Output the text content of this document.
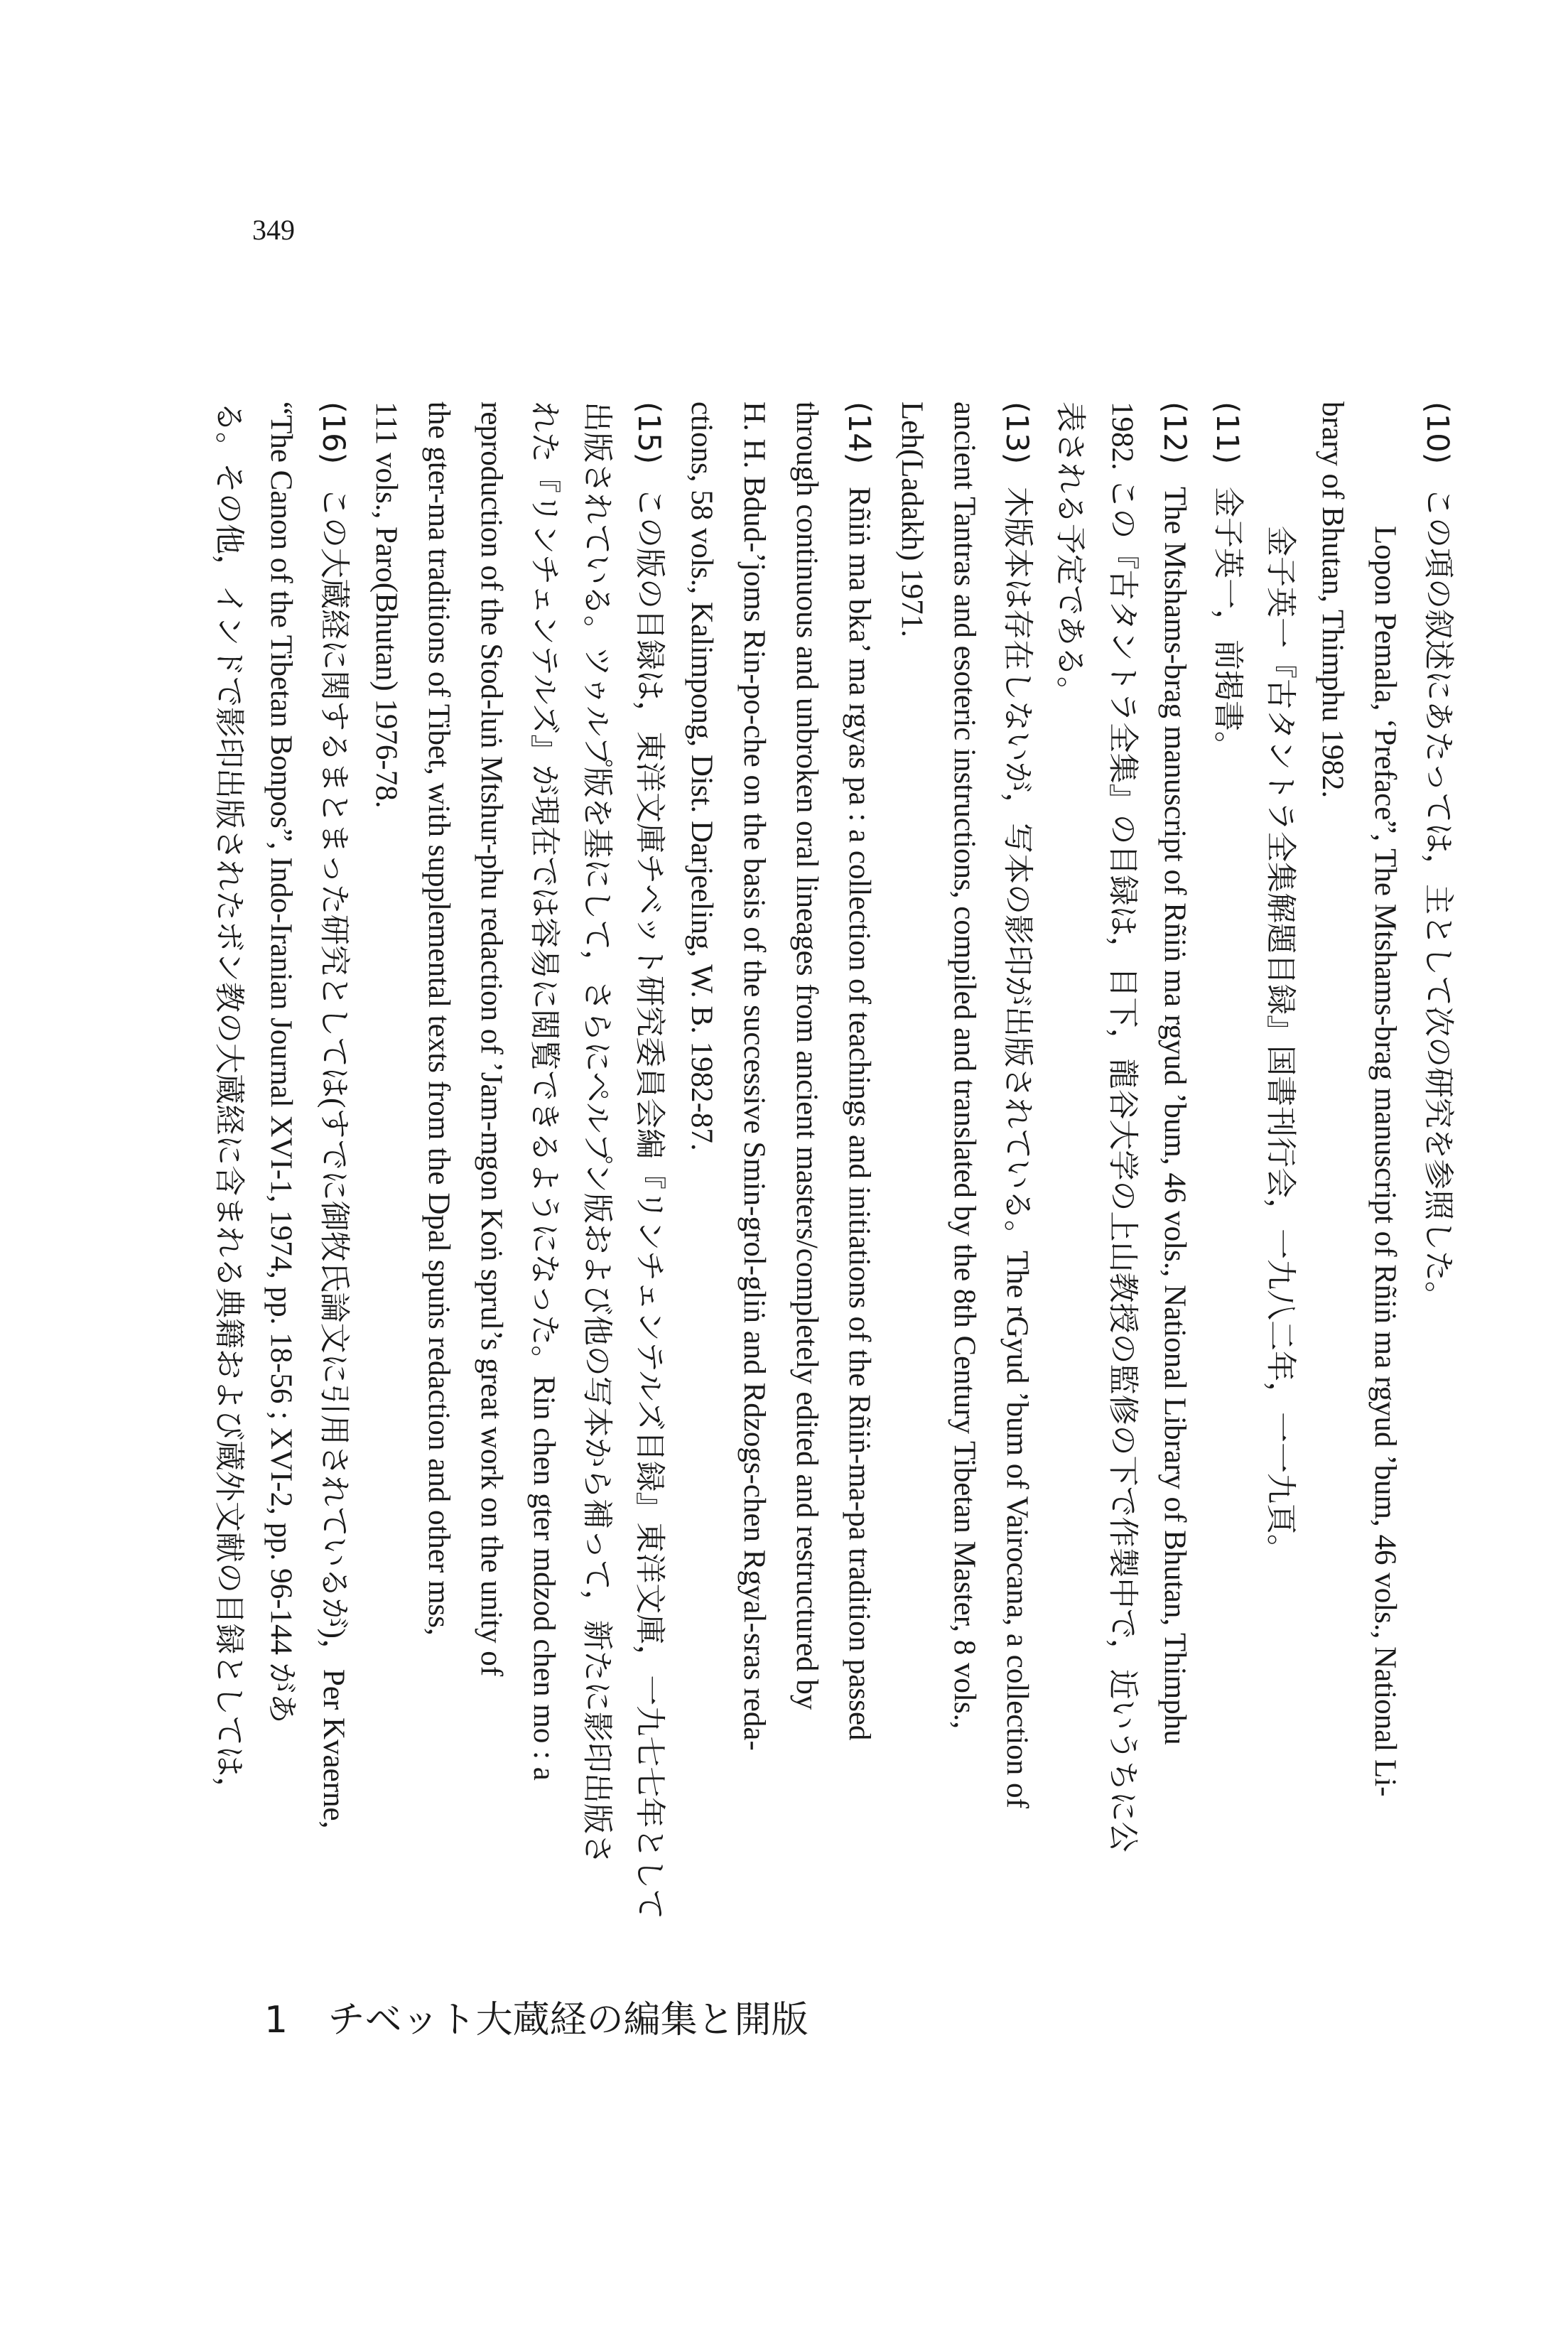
349
(10)
この項の叙述にあたっては，主として次の研究を参照した。
Lopon Pemala, ‘Preface”, The Mtshams-brag manuscript of Rñiṅ ma rgyud ’bum, 46 vols., National Li-
brary of Bhutan, Thimphu 1982.
金子英一『古タントラ全集解題目録』国書刊行会，一九八二年，一一九頁。
(11)
金子英一，前掲書。
(12)
The Mtshams-brag manuscript of Rñiṅ ma rgyud ’bum, 46 vols., National Library of Bhutan, Thimphu
1982. この『古タントラ全集』の目録は，目下，龍谷大学の上山教授の監修の下で作製中で，近いうちに公
表される予定である。
(13)
木版本は存在しないが，写本の影印が出版されている。The rGyud ’bum of Vairocana, a collection of
ancient Tantras and esoteric instructions, compiled and translated by the 8th Century Tibetan Master, 8 vols.,
Leh(Ladakh) 1971.
(14)
Rñiṅ ma bka’ ma rgyas pa : a collection of teachings and initiations of the Rñiṅ-ma-pa tradition passed
through continuous and unbroken oral lineages from ancient masters/completely edited and restructured by
H. H. Bdud-’joms Rin-po-che on the basis of the successive Smin-grol-gliṅ and Rdzogs-chen Rgyal-sras reda-
ctions, 58 vols., Kalimpong, Dist. Darjeeling, W. B. 1982-87.
(15)
この版の目録は，東洋文庫チベット研究委員会編『リンチェンテルズ目録』東洋文庫，一九七七年として
出版されている。ツゥルプ版を基にして，さらにペルプン版および他の写本から補って，新たに影印出版さ
れた『リンチェンテルズ』が現在では容易に閲覧できるようになった。Rin chen gter mdzod chen mo : a
reproduction of the Stod-luṅ Mtshur-phu redaction of ’Jam-mgon Koṅ sprul’s great work on the unity of
the gter-ma traditions of Tibet, with supplemental texts from the Dpal spuṅs redaction and other mss,
111 vols., Paro(Bhutan) 1976-78.
(16)
この大蔵経に関するまとまった研究としては(すでに御牧氏論文に引用されているが)，Per Kvaerne,
“The Canon of the Tibetan Bonpos”, Indo-Iranian Journal XVI-1, 1974, pp. 18-56 ; XVI-2, pp. 96-144 があ
る。その他，インドで影印出版されたボン教の大蔵経に含まれる典籍および蔵外文献の目録としては，
1 チベット大蔵経の編集と開版
